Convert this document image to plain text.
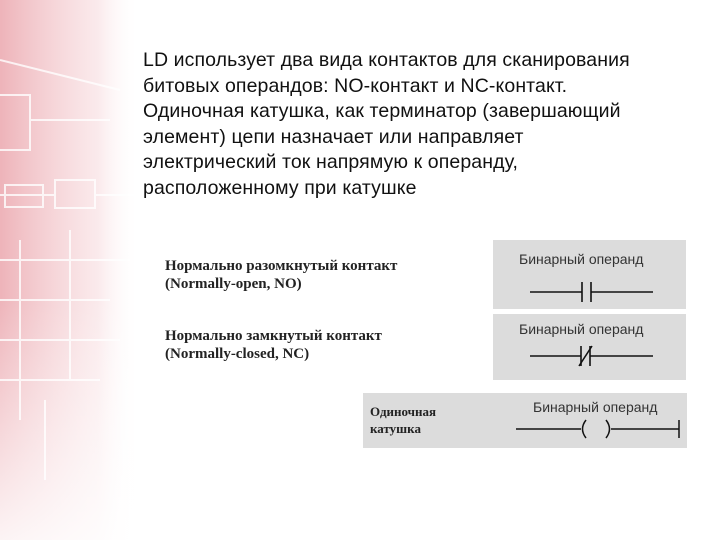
LD использует два вида контактов для сканирования битовых операндов: NO-контакт и NC-контакт. Одиночная катушка, как терминатор (завершающий элемент) цепи назначает или направляет электрический ток напрямую к операнду, расположенному при катушке
Нормально разомкнутый контакт
(Normally-open, NO)
Бинарный операнд
Нормально замкнутый контакт
(Normally-closed, NC)
Бинарный операнд
Одиночная
катушка
Бинарный операнд
